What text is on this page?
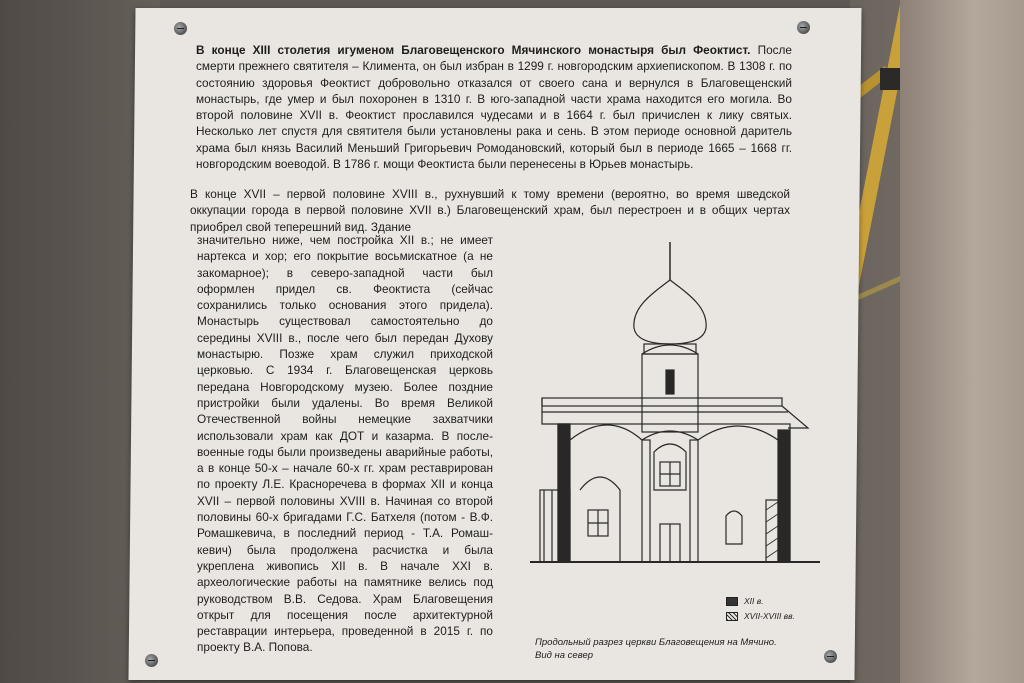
В конце XIII столетия игуменом Благовещенского Мячинского монастыря был Феоктист. После смерти прежнего святителя – Климента, он был избран в 1299 г. новгородским архиепископом. В 1308 г. по состоянию здоровья Феоктист добровольно отказался от своего сана и вернулся в Благовещенский монастырь, где умер и был похоронен в 1310 г. В юго-западной части храма находится его могила. Во второй половине XVII в. Феоктист прославился чудесами и в 1664 г. был причислен к лику святых. Несколько лет спустя для святителя были установлены рака и сень. В этом периоде основной даритель храма был князь Василий Меньший Григорьевич Ромодановский, который был в периоде 1665 – 1668 гг. новгородским воеводой. В 1786 г. мощи Феоктиста были перенесены в Юрьев монастырь.
В конце XVII – первой половине XVIII в., рухнувший к тому времени (вероятно, во время шведской оккупации города в первой половине XVII в.) Благовещенский храм, был перестроен и в общих чертах приобрел свой теперешний вид. Здание
значительно ниже, чем постройка XII в.; не имеет нартекса и хор; его покрытие восьмискатное (а не закомарное); в северо-западной части был оформлен придел св. Феоктиста (сейчас сохранились только основания этого придела). Монастырь существовал самостоятельно до середины XVIII в., после чего был передан Духову монастырю. Позже храм служил приходской церковью. С 1934 г. Благовещенская церковь передана Новгородскому музею. Более поздние пристройки были удалены. Во время Великой Отечественной войны немецкие захватчики использовали храм как ДОТ и казарма. В после-военные годы были произведены аварийные работы, а в конце 50-х – начале 60-х гг. храм реставрирован по проекту Л.Е. Красноречева в формах XII и конца XVII – первой половины XVIII в. Начиная со второй половины 60-х бригадами Г.С. Батхеля (потом - В.Ф. Ромашкевича, в последний период - Т.А. Ромаш-кевич) была продолжена расчистка и была укреплена живопись XII в. В начале XXI в. археологические работы на памятнике велись под руководством В.В. Седова. Храм Благовещения открыт для посещения после архитектурной реставрации интерьера, проведенной в 2015 г. по проекту В.А. Попова.
XII в.
XVII-XVIII вв.
Продольный разрез церкви Благовещения на Мячино.
Вид на север
